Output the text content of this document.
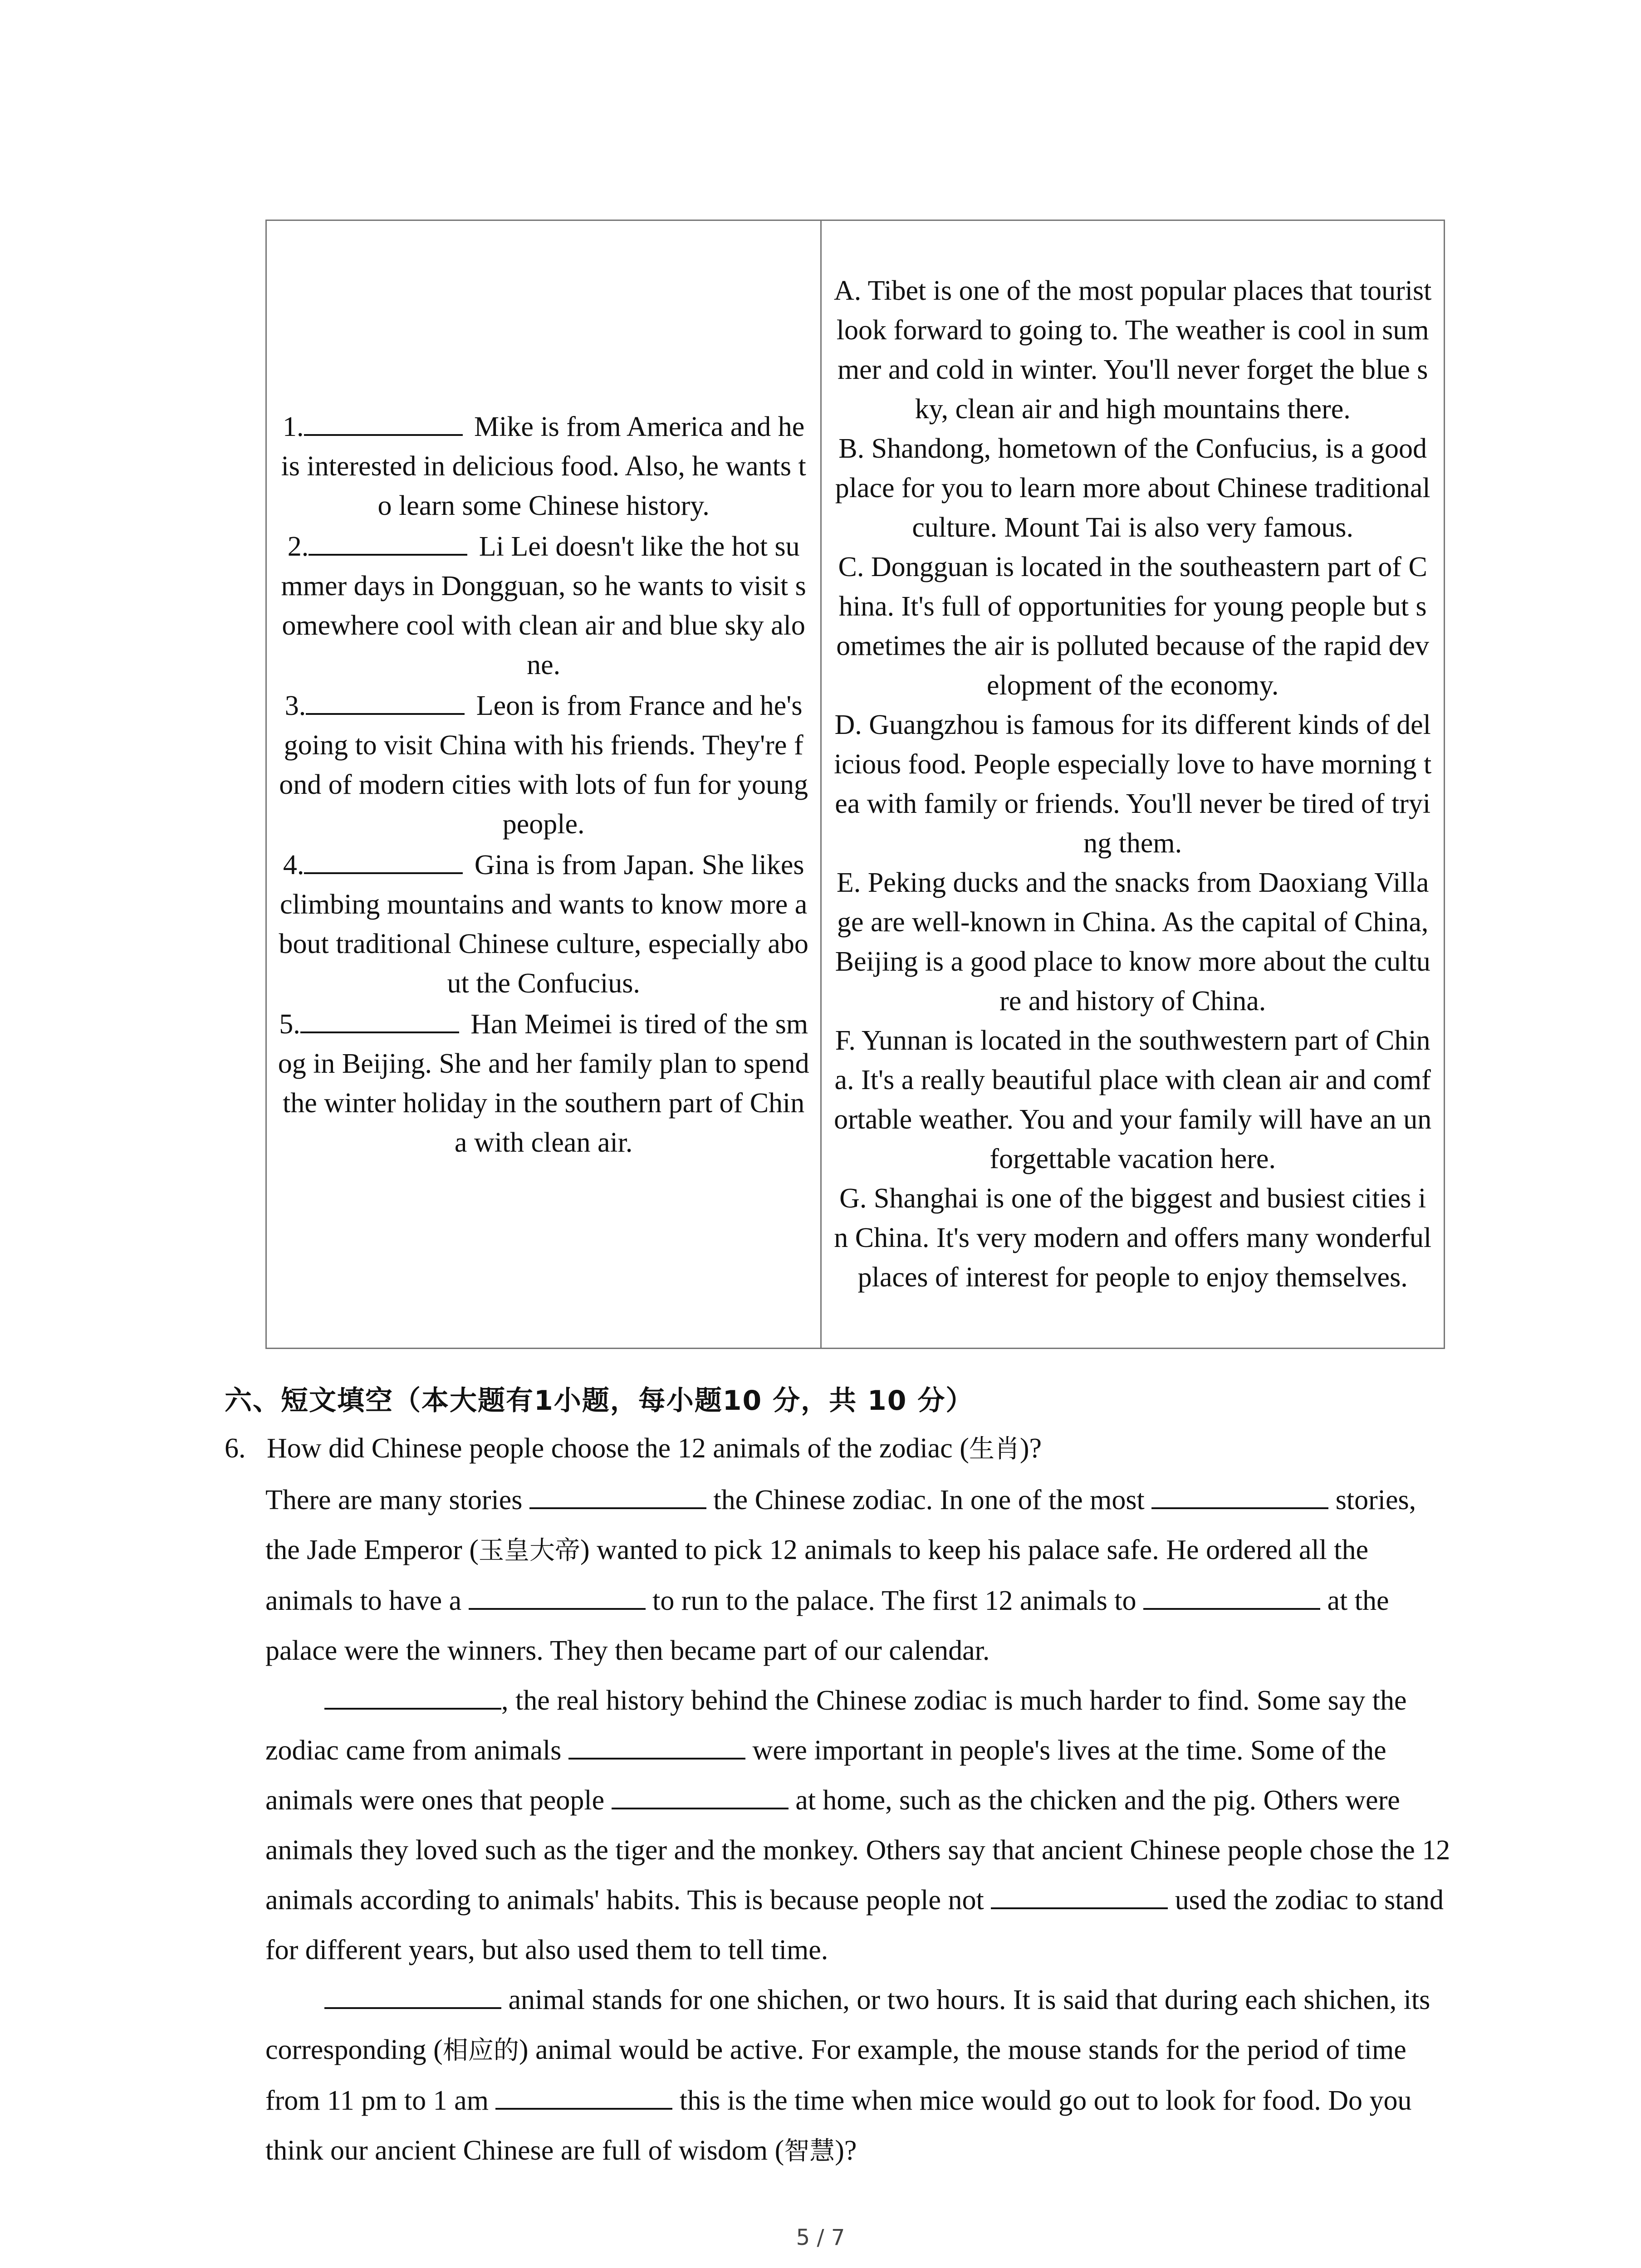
1.	Mike is from America and he is interested in delicious food. Also, he wants to learn some Chinese history.
2.	Li Lei doesn't like the hot summer days in Dongguan, so he wants to visit somewhere cool with clean air and blue sky alone.
3.	Leon is from France and he's going to visit China with his friends. They're fond of modern cities with lots of fun for young people.
4.	Gina is from Japan. She likes climbing mountains and wants to know more about traditional Chinese culture, especially about the Confucius.
5.	Han Meimei is tired of the smog in Beijing. She and her family plan to spend the winter holiday in the southern part of China with clean air.

A. Tibet is one of the most popular places that tourist look forward to going to. The weather is cool in summer and cold in winter. You'll never forget the blue sky, clean air and high mountains there.
B. Shandong, hometown of the Confucius, is a good place for you to learn more about Chinese traditional culture. Mount Tai is also very famous.
C. Dongguan is located in the southeastern part of China. It's full of opportunities for young people but sometimes the air is polluted because of the rapid development of the economy.
D. Guangzhou is famous for its different kinds of delicious food. People especially love to have morning tea with family or friends. You'll never be tired of trying them.
E. Peking ducks and the snacks from Daoxiang Village are well-known in China. As the capital of China, Beijing is a good place to know more about the culture and history of China.
F. Yunnan is located in the southwestern part of China. It's a really beautiful place with clean air and comfortable weather. You and your family will have an unforgettable vacation here.
G. Shanghai is one of the biggest and busiest cities in China. It's very modern and offers many wonderful places of interest for people to enjoy themselves.
六、短文填空（本大题有1小题，每小题10 分，共 10 分）
6. How did Chinese people choose the 12 animals of the zodiac (生肖)?

There are many stories	the Chinese zodiac. In one of the most	stories, the Jade Emperor (玉皇大帝) wanted to pick 12 animals to keep his palace safe. He ordered all the animals to have a	to run to the palace. The first 12 animals to	at the palace were the winners. They then became part of our calendar.

, the real history behind the Chinese zodiac is much harder to find. Some say the zodiac came from animals	were important in people's lives at the time. Some of the animals were ones that people	at home, such as the chicken and the pig. Others were animals they loved such as the tiger and the monkey. Others say that ancient Chinese people chose the 12 animals according to animals' habits. This is because people not	used the zodiac to stand for different years, but also used them to tell time.

animal stands for one shichen, or two hours. It is said that during each shichen, its corresponding (相应的) animal would be active. For example, the mouse stands for the period of time from 11 pm to 1 am	this is the time when mice would go out to look for food. Do you think our ancient Chinese are full of wisdom (智慧)?

5 / 7
